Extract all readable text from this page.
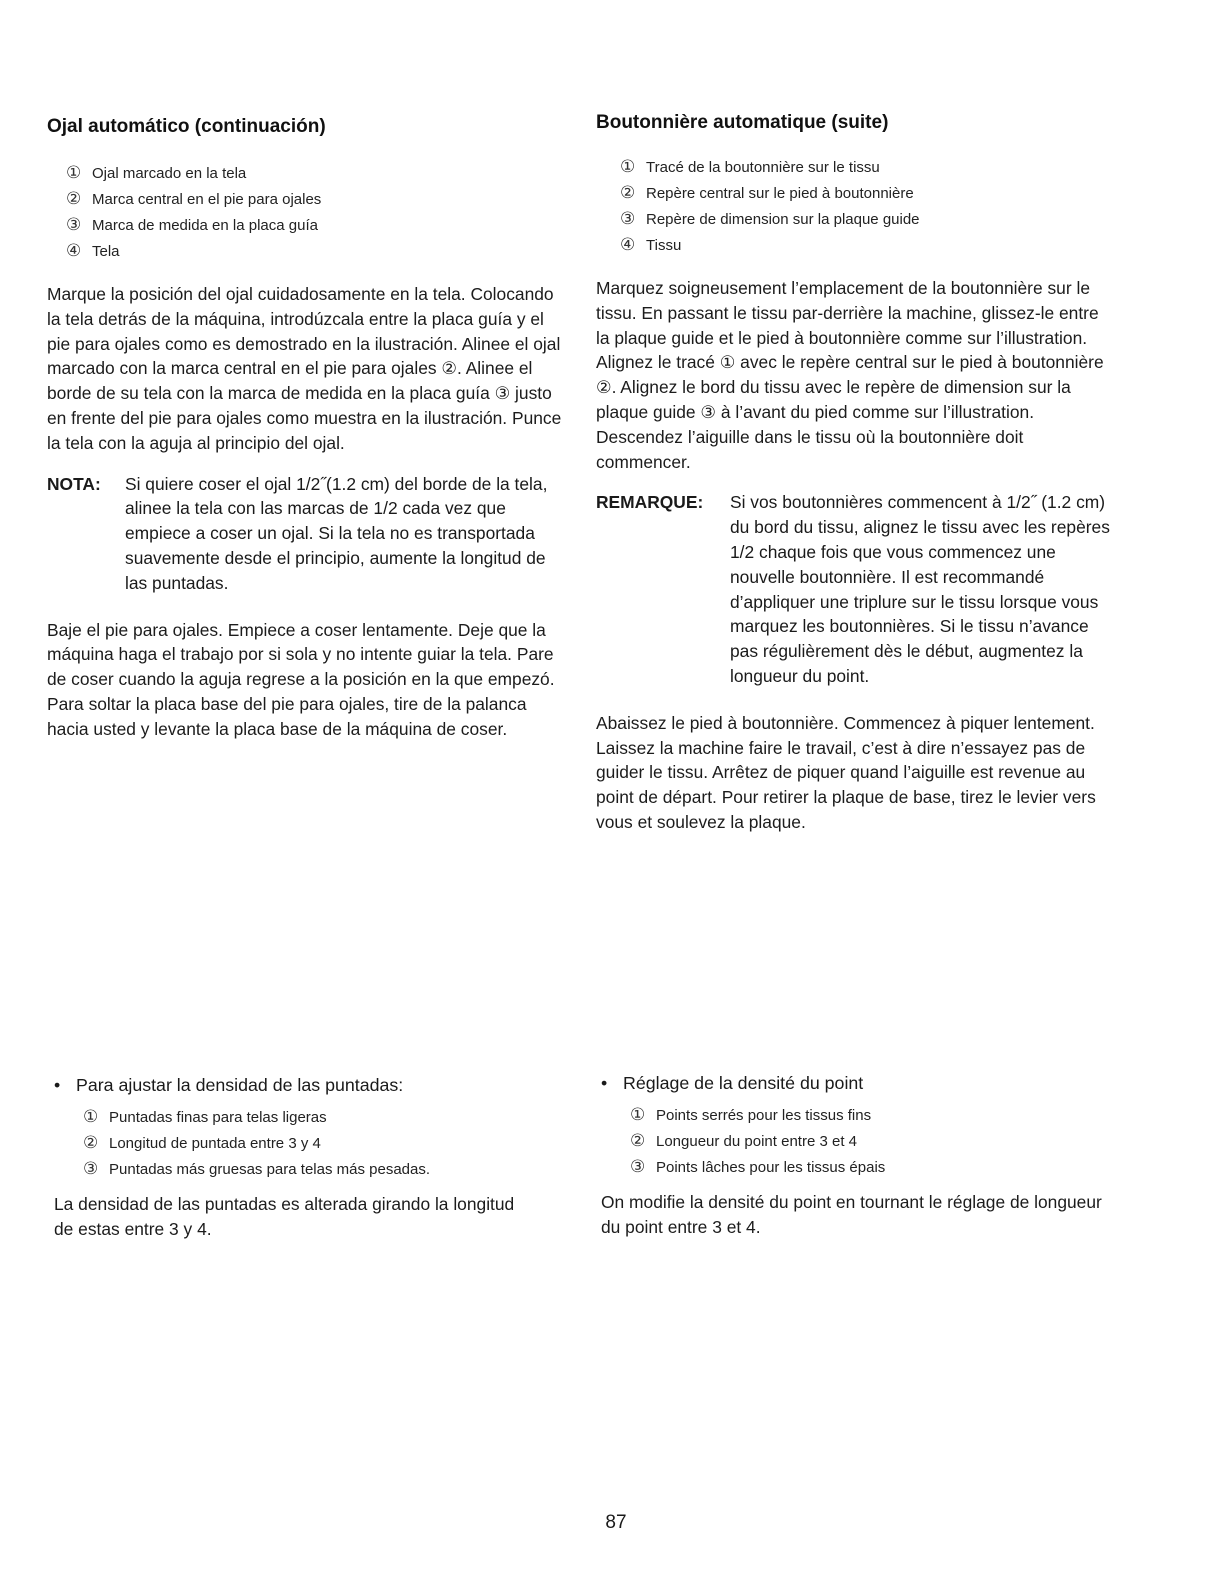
Ojal automático (continuación)
① Ojal marcado en la tela
② Marca central en el pie para ojales
③ Marca de medida en la placa guía
④ Tela

Marque la posición del ojal cuidadosamente en la tela. Colocando la tela detrás de la máquina, introdúzcala entre la placa guía y el pie para ojales como es demostrado en la ilustración. Alinee el ojal marcado con la marca central en el pie para ojales ②. Alinee el borde de su tela con la marca de medida en la placa guía ③ justo en frente del pie para ojales como muestra en la ilustración. Punce la tela con la aguja al principio del ojal.

NOTA:	Si quiere coser el ojal 1/2˝(1.2 cm) del borde de la tela, alinee la tela con las marcas de 1/2 cada vez que empiece a coser un ojal. Si la tela no es transportada suavemente desde el principio, aumente la longitud de las puntadas.

Baje el pie para ojales. Empiece a coser lentamente. Deje que la máquina haga el trabajo por si sola y no intente guiar la tela. Pare de coser cuando la aguja regrese a la posición en la que empezó. Para soltar la placa base del pie para ojales, tire de la palanca hacia usted y levante la placa base de la máquina de coser.

Boutonnière automatique (suite)
① Tracé de la boutonnière sur le tissu
② Repère central sur le pied à boutonnière
③ Repère de dimension sur la plaque guide
④ Tissu

Marquez soigneusement l’emplacement de la boutonnière sur le tissu. En passant le tissu par-derrière la machine, glissez-le entre la plaque guide et le pied à boutonnière comme sur l’illustration. Alignez le tracé ① avec le repère central sur le pied à boutonnière ②. Alignez le bord du tissu avec le repère de dimension sur la plaque guide ③ à l’avant du pied comme sur l’illustration. Descendez l’aiguille dans le tissu où la boutonnière doit commencer.

REMARQUE:	Si vos boutonnières commencent à 1/2˝ (1.2 cm) du bord du tissu, alignez le tissu avec les repères 1/2 chaque fois que vous commencez une nouvelle boutonnière. Il est recommandé d’appliquer une triplure sur le tissu lorsque vous marquez les boutonnières. Si le tissu n’avance pas régulièrement dès le début, augmentez la longueur du point.

Abaissez le pied à boutonnière. Commencez à piquer lentement. Laissez la machine faire le travail, c’est à dire n’essayez pas de guider le tissu. Arrêtez de piquer quand l’aiguille est revenue au point de départ. Pour retirer la plaque de base, tirez le levier vers vous et soulevez la plaque.

• Para ajustar la densidad de las puntadas:
① Puntadas finas para telas ligeras
② Longitud de puntada entre 3 y 4
③ Puntadas más gruesas para telas más pesadas.

La densidad de las puntadas es alterada girando la longitud de estas entre 3 y 4.

• Réglage de la densité du point
① Points serrés pour les tissus fins
② Longueur du point entre 3 et 4
③ Points lâches pour les tissus épais

On modifie la densité du point en tournant le réglage de longueur du point entre 3 et 4.

87
